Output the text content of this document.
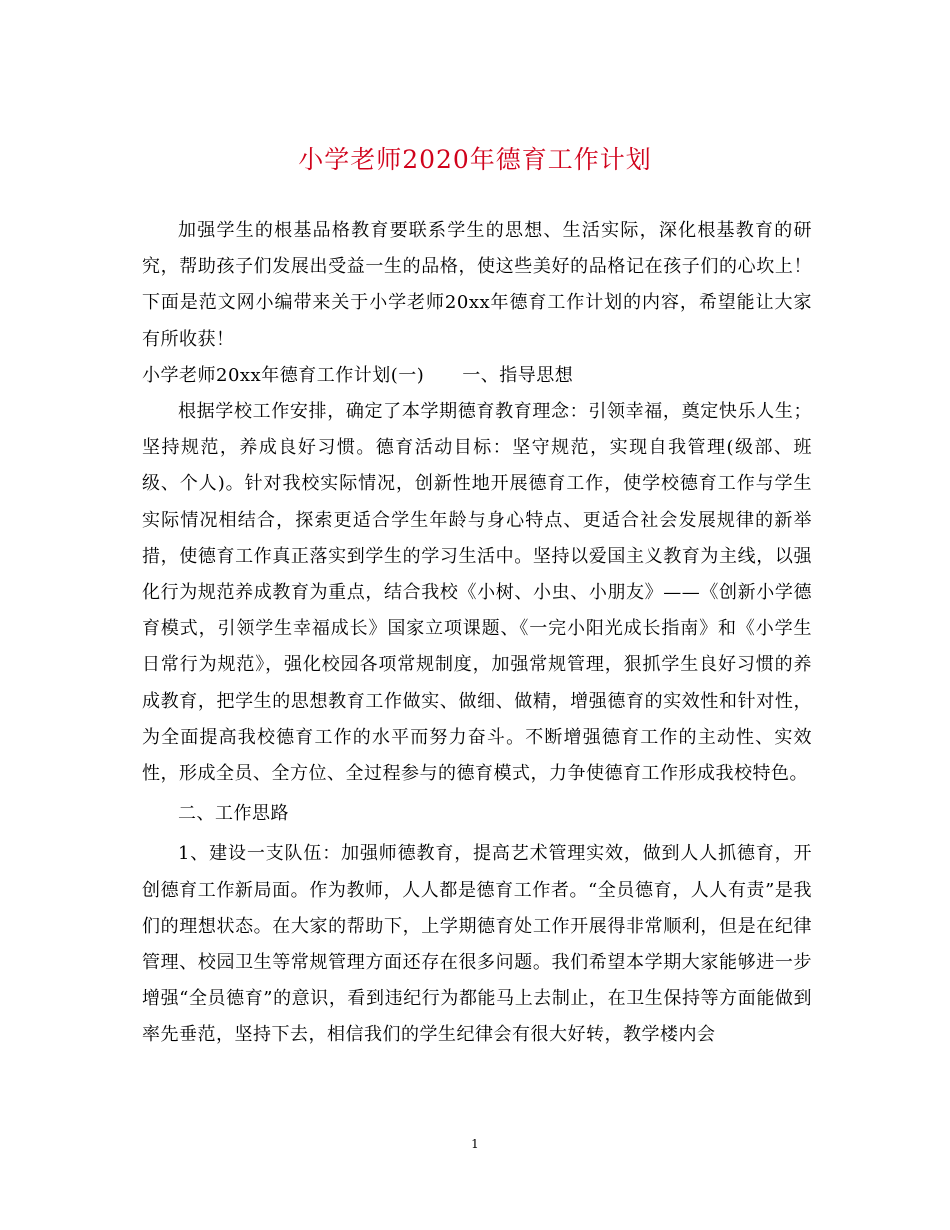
小学老师2020年德育工作计划

加强学生的根基品格教育要联系学生的思想、生活实际，深化根基教育的研究，帮助孩子们发展出受益一生的品格，使这些美好的品格记在孩子们的心坎上！下面是范文网小编带来关于小学老师20xx年德育工作计划的内容，希望能让大家有所收获！

小学老师20xx年德育工作计划(一) 一、指导思想

根据学校工作安排，确定了本学期德育教育理念：引领幸福，奠定快乐人生；坚持规范，养成良好习惯。德育活动目标：坚守规范，实现自我管理(级部、班级、个人)。针对我校实际情况，创新性地开展德育工作，使学校德育工作与学生实际情况相结合，探索更适合学生年龄与身心特点、更适合社会发展规律的新举措，使德育工作真正落实到学生的学习生活中。坚持以爱国主义教育为主线，以强化行为规范养成教育为重点，结合我校《小树、小虫、小朋友》——《创新小学德育模式，引领学生幸福成长》国家立项课题、《一完小阳光成长指南》和《小学生日常行为规范》，强化校园各项常规制度，加强常规管理，狠抓学生良好习惯的养成教育，把学生的思想教育工作做实、做细、做精，增强德育的实效性和针对性，为全面提高我校德育工作的水平而努力奋斗。不断增强德育工作的主动性、实效性，形成全员、全方位、全过程参与的德育模式，力争使德育工作形成我校特色。

二、工作思路

1、建设一支队伍：加强师德教育，提高艺术管理实效，做到人人抓德育，开创德育工作新局面。作为教师，人人都是德育工作者。“全员德育，人人有责”是我们的理想状态。在大家的帮助下，上学期德育处工作开展得非常顺利，但是在纪律管理、校园卫生等常规管理方面还存在很多问题。我们希望本学期大家能够进一步增强“全员德育”的意识，看到违纪行为都能马上去制止，在卫生保持等方面能做到率先垂范，坚持下去，相信我们的学生纪律会有很大好转，教学楼内会

1
